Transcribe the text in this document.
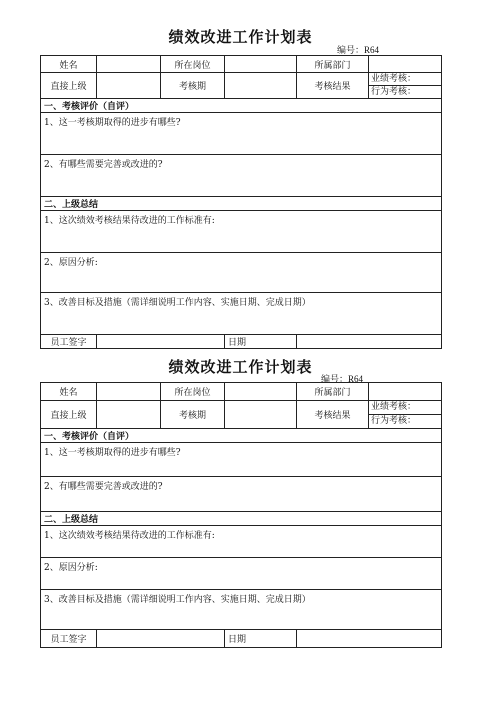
绩效改进工作计划表
编号：R64
姓名		所在岗位		所属部门	
直接上级		考核期		考核结果	业绩考核：
行为考核：

一、考核评价（自评）					
1、这一考核期取得的进步有哪些?					
2、有哪些需要完善或改进的?					
二、上级总结					
1、这次绩效考核结果待改进的工作标准有:					
2、原因分析:					
3、改善目标及措施（需详细说明工作内容、实施日期、完成日期）					
员工签字			日期		
绩效改进工作计划表
编号：R64
姓名		所在岗位		所属部门	
直接上级		考核期		考核结果	业绩考核：
行为考核：

一、考核评价（自评）					
1、这一考核期取得的进步有哪些?					
2、有哪些需要完善或改进的?					
二、上级总结					
1、这次绩效考核结果待改进的工作标准有:					
2、原因分析:					
3、改善目标及措施（需详细说明工作内容、实施日期、完成日期）					
员工签字			日期		
